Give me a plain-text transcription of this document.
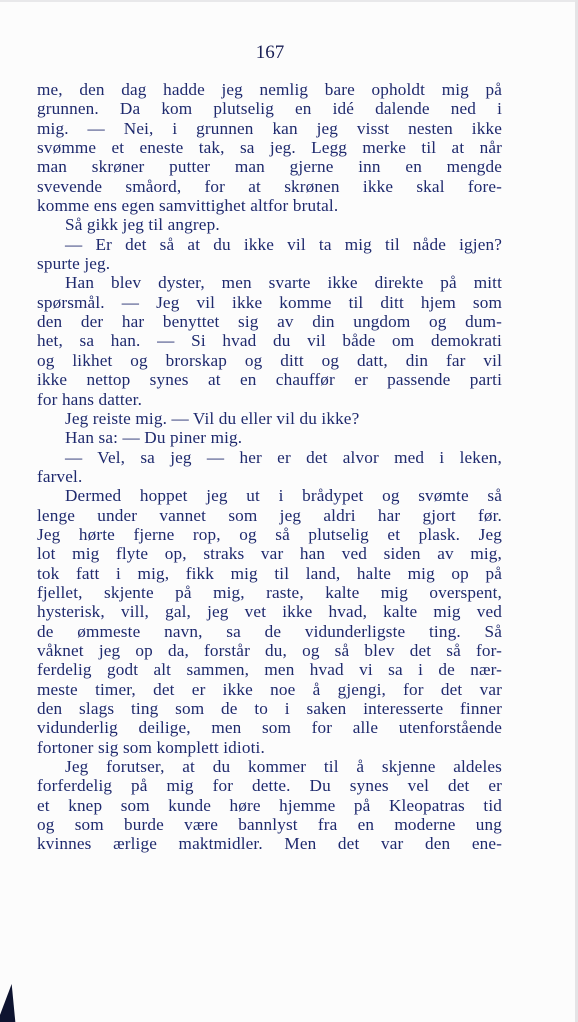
167
me, den dag hadde jeg nemlig bare opholdt mig på
grunnen. Da kom plutselig en idé dalende ned i
mig. — Nei, i grunnen kan jeg visst nesten ikke
svømme et eneste tak, sa jeg. Legg merke til at når
man skrøner putter man gjerne inn en mengde
svevende småord, for at skrønen ikke skal fore-
komme ens egen samvittighet altfor brutal.
Så gikk jeg til angrep.
— Er det så at du ikke vil ta mig til nåde igjen?
spurte jeg.
Han blev dyster, men svarte ikke direkte på mitt
spørsmål. — Jeg vil ikke komme til ditt hjem som
den der har benyttet sig av din ungdom og dum-
het, sa han. — Si hvad du vil både om demokrati
og likhet og brorskap og ditt og datt, din far vil
ikke nettop synes at en chauffør er passende parti
for hans datter.
Jeg reiste mig. — Vil du eller vil du ikke?
Han sa: — Du piner mig.
— Vel, sa jeg — her er det alvor med i leken,
farvel.
Dermed hoppet jeg ut i brådypet og svømte så
lenge under vannet som jeg aldri har gjort før.
Jeg hørte fjerne rop, og så plutselig et plask. Jeg
lot mig flyte op, straks var han ved siden av mig,
tok fatt i mig, fikk mig til land, halte mig op på
fjellet, skjente på mig, raste, kalte mig overspent,
hysterisk, vill, gal, jeg vet ikke hvad, kalte mig ved
de ømmeste navn, sa de vidunderligste ting. Så
våknet jeg op da, forstår du, og så blev det så for-
ferdelig godt alt sammen, men hvad vi sa i de nær-
meste timer, det er ikke noe å gjengi, for det var
den slags ting som de to i saken interesserte finner
vidunderlig deilige, men som for alle utenforstående
fortoner sig som komplett idioti.
Jeg forutser, at du kommer til å skjenne aldeles
forferdelig på mig for dette. Du synes vel det er
et knep som kunde høre hjemme på Kleopatras tid
og som burde være bannlyst fra en moderne ung
kvinnes ærlige maktmidler. Men det var den ene-
